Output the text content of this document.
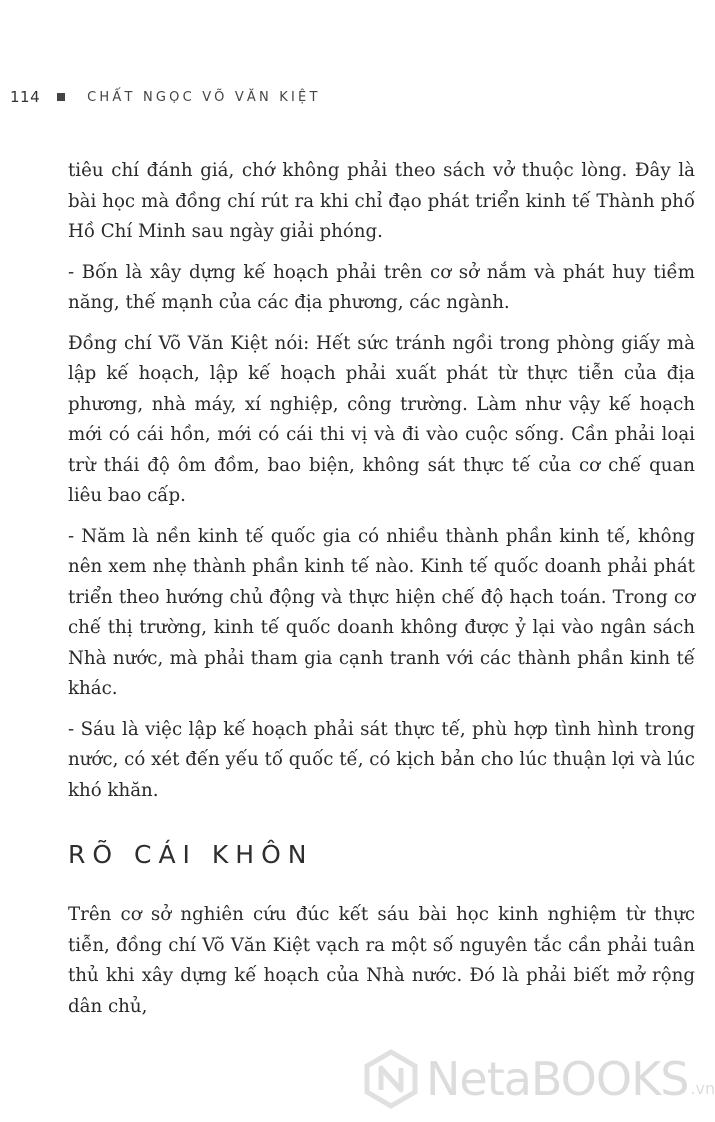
114	CHẤT NGỌC VÕ VĂN KIỆT

tiêu chí đánh giá, chớ không phải theo sách vở thuộc lòng. Đây là bài học mà đồng chí rút ra khi chỉ đạo phát triển kinh tế Thành phố Hồ Chí Minh sau ngày giải phóng.

- Bốn là xây dựng kế hoạch phải trên cơ sở nắm và phát huy tiềm năng, thế mạnh của các địa phương, các ngành.

Đồng chí Võ Văn Kiệt nói: Hết sức tránh ngồi trong phòng giấy mà lập kế hoạch, lập kế hoạch phải xuất phát từ thực tiễn của địa phương, nhà máy, xí nghiệp, công trường. Làm như vậy kế hoạch mới có cái hồn, mới có cái thi vị và đi vào cuộc sống. Cần phải loại trừ thái độ ôm đồm, bao biện, không sát thực tế của cơ chế quan liêu bao cấp.

- Năm là nền kinh tế quốc gia có nhiều thành phần kinh tế, không nên xem nhẹ thành phần kinh tế nào. Kinh tế quốc doanh phải phát triển theo hướng chủ động và thực hiện chế độ hạch toán. Trong cơ chế thị trường, kinh tế quốc doanh không được ỷ lại vào ngân sách Nhà nước, mà phải tham gia cạnh tranh với các thành phần kinh tế khác.

- Sáu là việc lập kế hoạch phải sát thực tế, phù hợp tình hình trong nước, có xét đến yếu tố quốc tế, có kịch bản cho lúc thuận lợi và lúc khó khăn.

RÕ CÁI KHÔN

Trên cơ sở nghiên cứu đúc kết sáu bài học kinh nghiệm từ thực tiễn, đồng chí Võ Văn Kiệt vạch ra một số nguyên tắc cần phải tuân thủ khi xây dựng kế hoạch của Nhà nước. Đó là phải biết mở rộng dân chủ,

NetaBOOKS .vn
